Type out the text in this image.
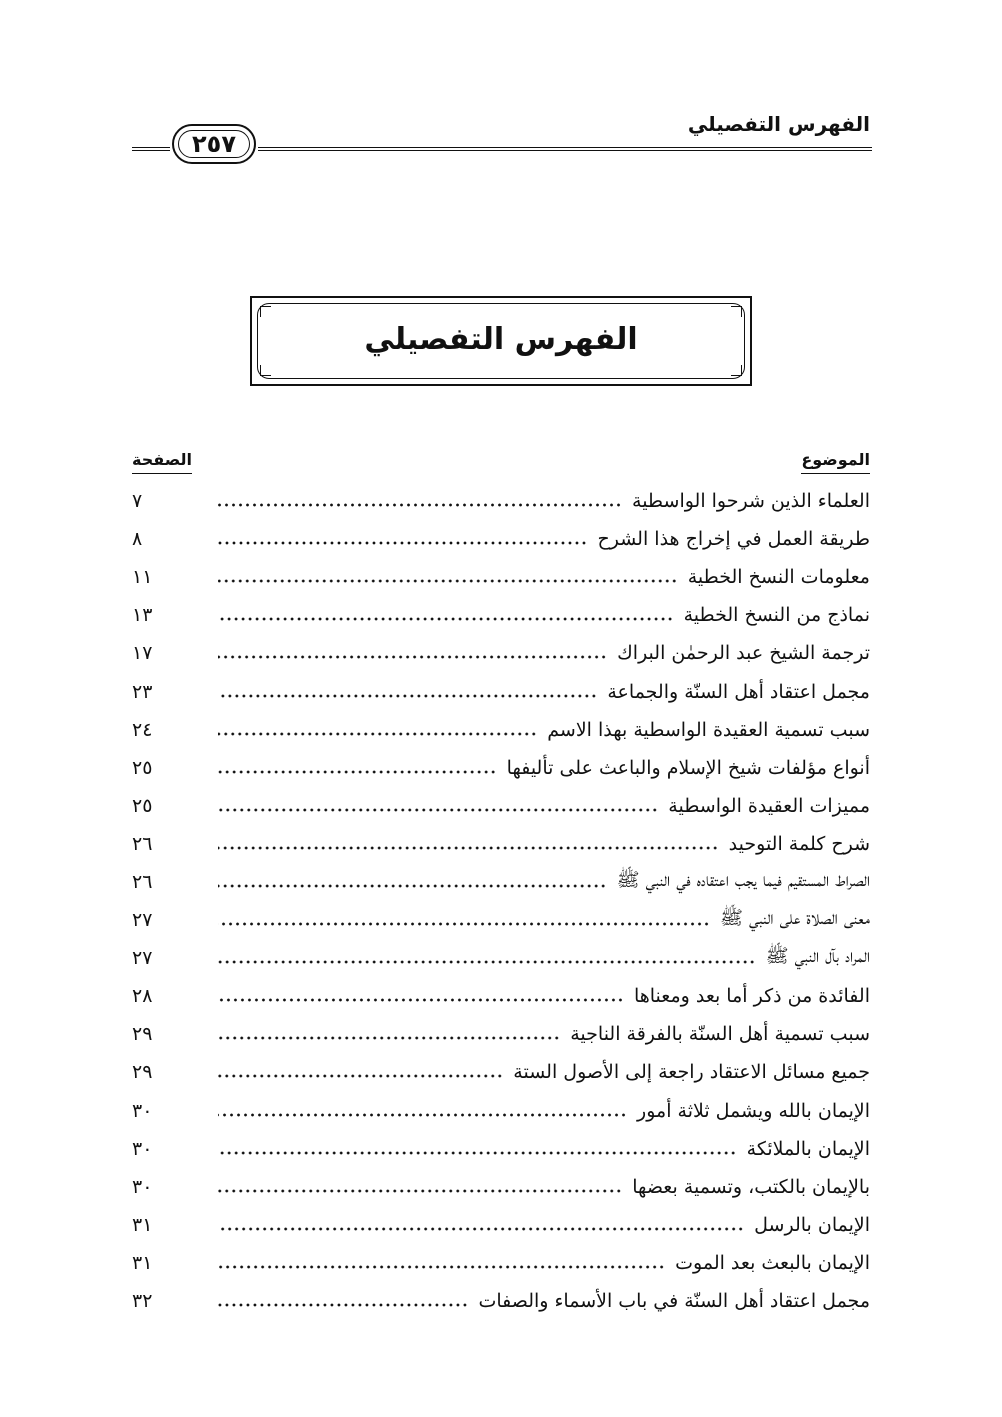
الفهرس التفصيلي
٢٥٧
الفهرس التفصيلي
الموضوع
الصفحة
العلماء الذين شرحوا الواسطية
٧
طريقة العمل في إخراج هذا الشرح
٨
معلومات النسخ الخطية
١١
نماذج من النسخ الخطية
١٣
ترجمة الشيخ عبد الرحمٰن البراك
١٧
مجمل اعتقاد أهل السنّة والجماعة
٢٣
سبب تسمية العقيدة الواسطية بهذا الاسم
٢٤
أنواع مؤلفات شيخ الإسلام والباعث على تأليفها
٢٥
مميزات العقيدة الواسطية
٢٥
شرح كلمة التوحيد
٢٦
الصراط المستقيم فيما يجب اعتقاده في النبي ﷺ
٢٦
معنى الصلاة على النبي ﷺ
٢٧
المراد بآل النبي ﷺ
٢٧
الفائدة من ذكر أما بعد ومعناها
٢٨
سبب تسمية أهل السنّة بالفرقة الناجية
٢٩
جميع مسائل الاعتقاد راجعة إلى الأصول الستة
٢٩
الإيمان بالله ويشمل ثلاثة أمور
٣٠
الإيمان بالملائكة
٣٠
بالإيمان بالكتب، وتسمية بعضها
٣٠
الإيمان بالرسل
٣١
الإيمان بالبعث بعد الموت
٣١
مجمل اعتقاد أهل السنّة في باب الأسماء والصفات
٣٢
